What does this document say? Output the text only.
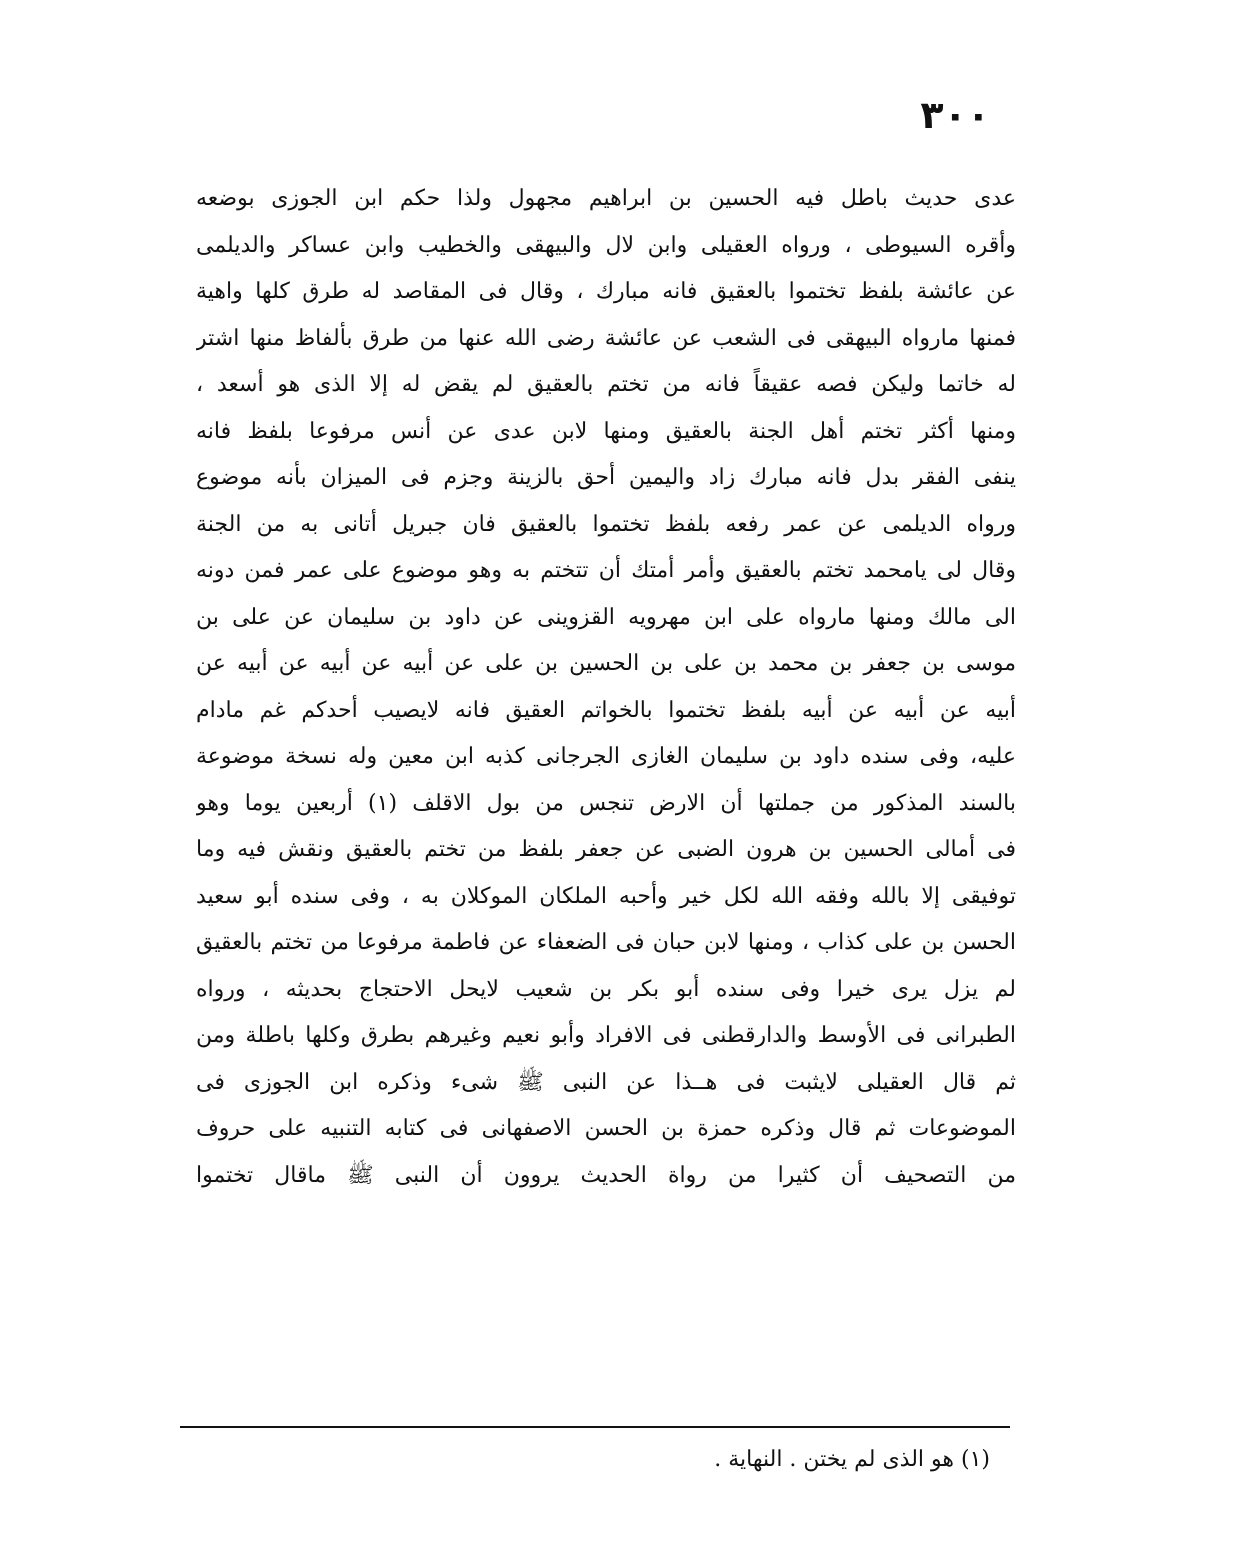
٣٠٠
عدى حديث باطل فيه الحسين بن ابراهيم مجهول ولذا حكم ابن الجوزى بوضعه
وأقره السيوطى ، ورواه العقيلى وابن لال والبيهقى والخطيب وابن عساكر والديلمى
عن عائشة بلفظ تختموا بالعقيق فانه مبارك ، وقال فى المقاصد له طرق كلها واهية
فمنها مارواه البيهقى فى الشعب عن عائشة رضى الله عنها من طرق بألفاظ منها اشتر
له خاتما وليكن فصه عقيقاً فانه من تختم بالعقيق لم يقض له إلا الذى هو أسعد ،
ومنها أكثر تختم أهل الجنة بالعقيق ومنها لابن عدى عن أنس مرفوعا بلفظ فانه
ينفى الفقر بدل فانه مبارك زاد واليمين أحق بالزينة وجزم فى الميزان بأنه موضوع
ورواه الديلمى عن عمر رفعه بلفظ تختموا بالعقيق فان جبريل أتانى به من الجنة
وقال لى يامحمد تختم بالعقيق وأمر أمتك أن تتختم به وهو موضوع على عمر فمن دونه
الى مالك ومنها مارواه على ابن مهرويه القزوينى عن داود بن سليمان عن على بن
موسى بن جعفر بن محمد بن على بن الحسين بن على عن أبيه عن أبيه عن أبيه عن
أبيه عن أبيه عن أبيه بلفظ تختموا بالخواتم العقيق فانه لايصيب أحدكم غم مادام
عليه، وفى سنده داود بن سليمان الغازى الجرجانى كذبه ابن معين وله نسخة موضوعة
بالسند المذكور من جملتها أن الارض تنجس من بول الاقلف (١) أربعين يوما وهو
فى أمالى الحسين بن هرون الضبى عن جعفر بلفظ من تختم بالعقيق ونقش فيه وما
توفيقى إلا بالله وفقه الله لكل خير وأحبه الملكان الموكلان به ، وفى سنده أبو سعيد
الحسن بن على كذاب ، ومنها لابن حبان فى الضعفاء عن فاطمة مرفوعا من تختم بالعقيق
لم يزل يرى خيرا وفى سنده أبو بكر بن شعيب لايحل الاحتجاج بحديثه ، ورواه
الطبرانى فى الأوسط والدارقطنى فى الافراد وأبو نعيم وغيرهم بطرق وكلها باطلة ومن
ثم قال العقيلى لايثبت فى هــذا عن النبى ﷺ شىء وذكره ابن الجوزى فى
الموضوعات ثم قال وذكره حمزة بن الحسن الاصفهانى فى كتابه التنبيه على حروف
من التصحيف أن كثيرا من رواة الحديث يروون أن النبى ﷺ ماقال تختموا
(١) هو الذى لم يختن . النهاية .
